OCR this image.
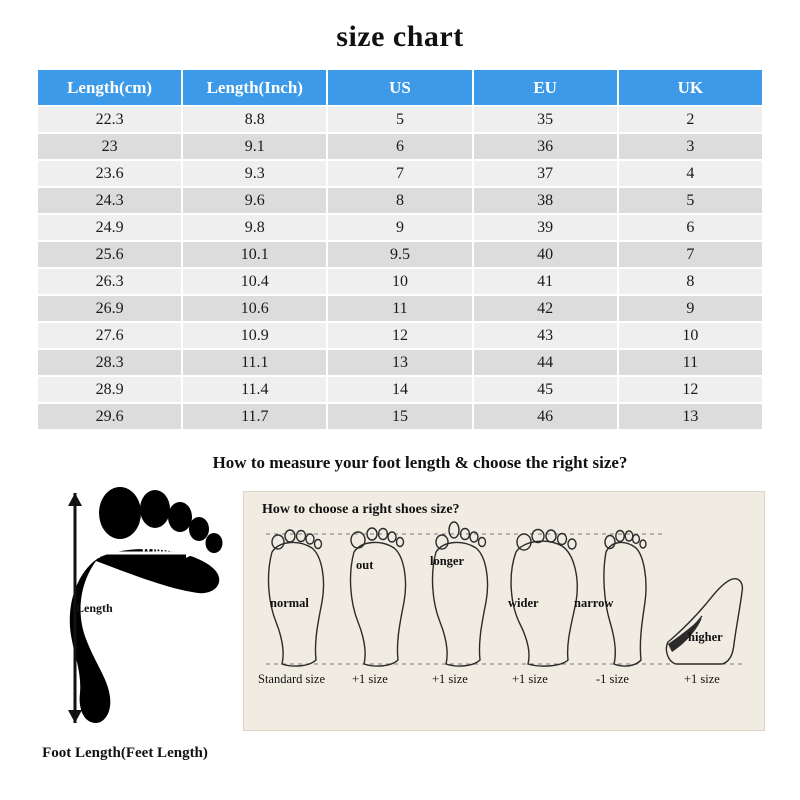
size chart
Length(cm)	Length(Inch)	US	EU	UK
22.3	8.8	5	35	2
23	9.1	6	36	3
23.6	9.3	7	37	4
24.3	9.6	8	38	5
24.9	9.8	9	39	6
25.6	10.1	9.5	40	7
26.3	10.4	10	41	8
26.9	10.6	11	42	9
27.6	10.9	12	43	10
28.3	11.1	13	44	11
28.9	11.4	14	45	12
29.6	11.7	15	46	13
How to measure your foot length & choose the right size?
Width
Length
Foot Length(Feet Length)
How to choose a right shoes size?
normal
out	longer
wider	narrow
higher
Standard size +1 size	+1 size	+1 size	-1 size	+1 size
